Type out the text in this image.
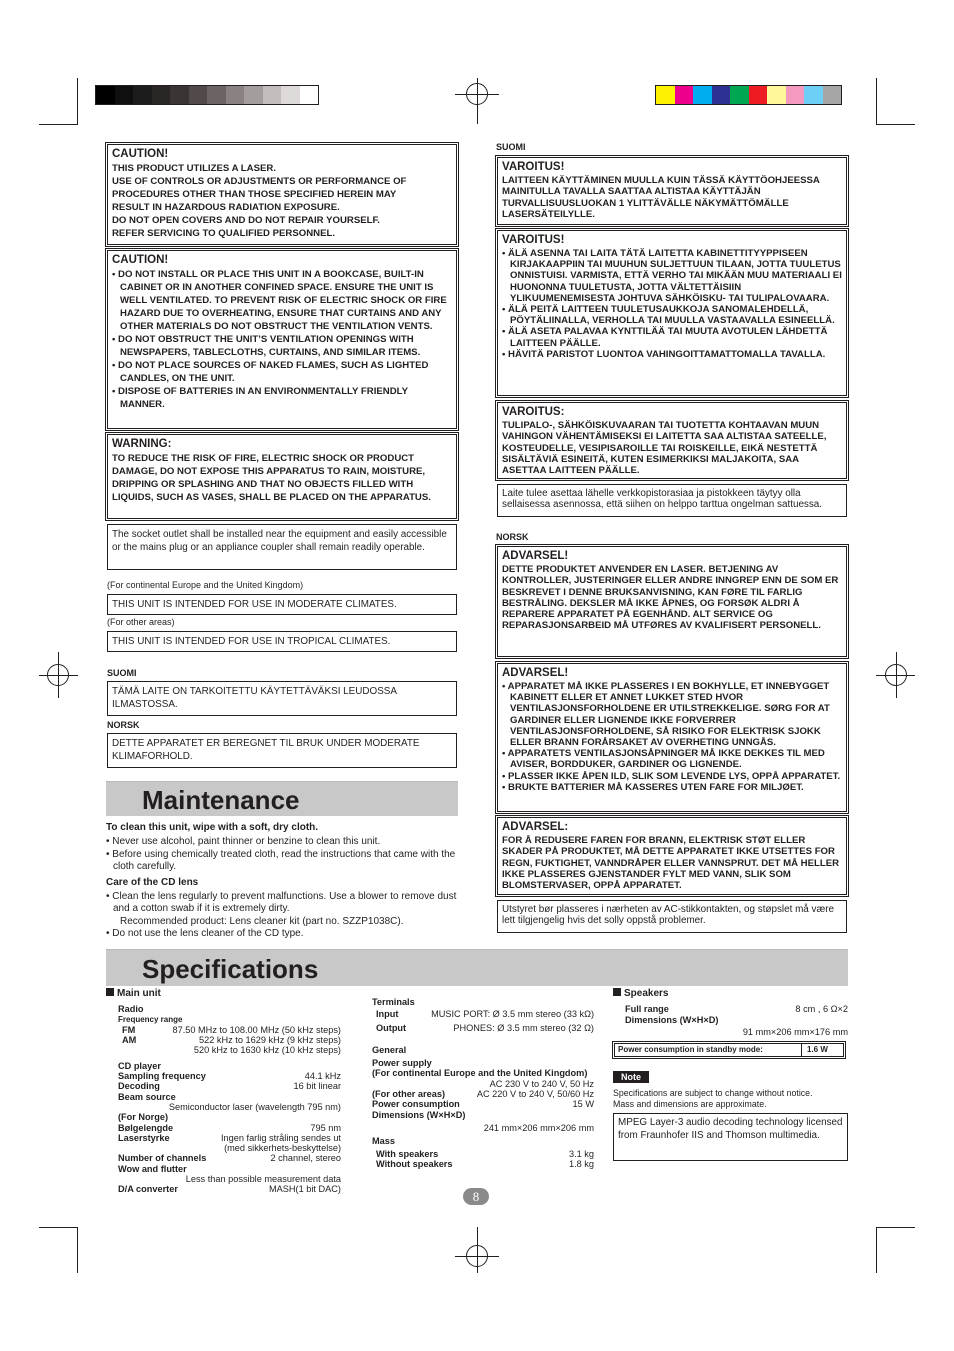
CAUTION!
THIS PRODUCT UTILIZES A LASER.
USE OF CONTROLS OR ADJUSTMENTS OR PERFORMANCE OF
PROCEDURES OTHER THAN THOSE SPECIFIED HEREIN MAY
RESULT IN HAZARDOUS RADIATION EXPOSURE.
DO NOT OPEN COVERS AND DO NOT REPAIR YOURSELF.
REFER SERVICING TO QUALIFIED PERSONNEL.
CAUTION!
• DO NOT INSTALL OR PLACE THIS UNIT IN A BOOKCASE, BUILT-IN CABINET OR IN ANOTHER CONFINED SPACE. ENSURE THE UNIT IS WELL VENTILATED. TO PREVENT RISK OF ELECTRIC SHOCK OR FIRE HAZARD DUE TO OVERHEATING, ENSURE THAT CURTAINS AND ANY OTHER MATERIALS DO NOT OBSTRUCT THE VENTILATION VENTS.
• DO NOT OBSTRUCT THE UNIT’S VENTILATION OPENINGS WITH NEWSPAPERS, TABLECLOTHS, CURTAINS, AND SIMILAR ITEMS.
• DO NOT PLACE SOURCES OF NAKED FLAMES, SUCH AS LIGHTED CANDLES, ON THE UNIT.
• DISPOSE OF BATTERIES IN AN ENVIRONMENTALLY FRIENDLY MANNER.
WARNING:

TO REDUCE THE RISK OF FIRE, ELECTRIC SHOCK OR PRODUCT DAMAGE, DO NOT EXPOSE THIS APPARATUS TO RAIN, MOISTURE, DRIPPING OR SPLASHING AND THAT NO OBJECTS FILLED WITH LIQUIDS, SUCH AS VASES, SHALL BE PLACED ON THE APPARATUS.

The socket outlet shall be installed near the equipment and easily accessible or the mains plug or an appliance coupler shall remain readily operable.

(For continental Europe and the United Kingdom)

THIS UNIT IS INTENDED FOR USE IN MODERATE CLIMATES.

(For other areas)

THIS UNIT IS INTENDED FOR USE IN TROPICAL CLIMATES.

SUOMI

TÄMÄ LAITE ON TARKOITETTU KÄYTETTÄVÄKSI LEUDOSSA ILMASTOSSA.

NORSK

DETTE APPARATET ER BEREGNET TIL BRUK UNDER MODERATE KLIMAFORHOLD.

Maintenance

To clean this unit, wipe with a soft, dry cloth.

• Never use alcohol, paint thinner or benzine to clean this unit.
• Before using chemically treated cloth, read the instructions that came with the cloth carefully.

Care of the CD lens

• Clean the lens regularly to prevent malfunctions. Use a blower to remove dust and a cotton swab if it is extremely dirty.
Recommended product: Lens cleaner kit (part no. SZZP1038C).
• Do not use the lens cleaner of the CD type.
SUOMI
VAROITUS!

LAITTEEN KÄYTTÄMINEN MUULLA KUIN TÄSSÄ KÄYTTÖOHJEESSA MAINITULLA TAVALLA SAATTAA ALTISTAA KÄYTTÄJÄN TURVALLISUUSLUOKAN 1 YLITTÄVÄLLE NÄKYMÄTTÖMÄLLE LASERSÄTEILYLLE.

VAROITUS!
• ÄLÄ ASENNA TAI LAITA TÄTÄ LAITETTA KABINETTITYYPPISEEN KIRJAKAAPPIIN TAI MUUHUN SULJETTUUN TILAAN, JOTTA TUULETUS ONNISTUISI. VARMISTA, ETTÄ VERHO TAI MIKÄÄN MUU MATERIAALI EI HUONONNA TUULETUSTA, JOTTA VÄLTETTÄISIIN YLIKUUMENEMISESTA JOHTUVA SÄHKÖISKU- TAI TULIPALOVAARA.
• ÄLÄ PEITÄ LAITTEEN TUULETUSAUKKOJA SANOMALEHDELLÄ, PÖYTÄLIINALLA, VERHOLLA TAI MUULLA VASTAAVALLA ESINEELLÄ.
• ÄLÄ ASETA PALAVAA KYNTTILÄÄ TAI MUUTA AVOTULEN LÄHDETTÄ LAITTEEN PÄÄLLE.
• HÄVITÄ PARISTOT LUONTOA VAHINGOITTAMATTOMALLA TAVALLA.
VAROITUS:

TULIPALO-, SÄHKÖISKUVAARAN TAI TUOTETTA KOHTAAVAN MUUN VAHINGON VÄHENTÄMISEKSI EI LAITETTA SAA ALTISTAA SATEELLE, KOSTEUDELLE, VESIPISAROILLE TAI ROISKEILLE, EIKÄ NESTETTÄ SISÄLTÄVIÄ ESINEITÄ, KUTEN ESIMERKIKSI MALJAKOITA, SAA ASETTAA LAITTEEN PÄÄLLE.

Laite tulee asettaa lähelle verkkopistorasiaa ja pistokkeen täytyy olla sellaisessa asennossa, että siihen on helppo tarttua ongelman sattuessa.

NORSK
ADVARSEL!

DETTE PRODUKTET ANVENDER EN LASER. BETJENING AV KONTROLLER, JUSTERINGER ELLER ANDRE INNGREP ENN DE SOM ER BESKREVET I DENNE BRUKSANVISNING, KAN FØRE TIL FARLIG BESTRÅLING. DEKSLER MÅ IKKE ÅPNES, OG FORSØK ALDRI Å REPARERE APPARATET PÅ EGENHÅND. ALT SERVICE OG REPARASJONSARBEID MÅ UTFØRES AV KVALIFISERT PERSONELL.

ADVARSEL!
• APPARATET MÅ IKKE PLASSERES I EN BOKHYLLE, ET INNEBYGGET KABINETT ELLER ET ANNET LUKKET STED HVOR VENTILASJONSFORHOLDENE ER UTILSTREKKELIGE. SØRG FOR AT GARDINER ELLER LIGNENDE IKKE FORVERRER VENTILASJONSFORHOLDENE, SÅ RISIKO FOR ELEKTRISK SJOKK ELLER BRANN FORÅRSAKET AV OVERHETING UNNGÅS.
• APPARATETS VENTILASJONSÅPNINGER MÅ IKKE DEKKES TIL MED AVISER, BORDDUKER, GARDINER OG LIGNENDE.
• PLASSER IKKE ÅPEN ILD, SLIK SOM LEVENDE LYS, OPPÅ APPARATET.
• BRUKTE BATTERIER MÅ KASSERES UTEN FARE FOR MILJØET.
ADVARSEL:

FOR Å REDUSERE FAREN FOR BRANN, ELEKTRISK STØT ELLER SKADER PÅ PRODUKTET, MÅ DETTE APPARATET IKKE UTSETTES FOR REGN, FUKTIGHET, VANNDRÅPER ELLER VANNSPRUT. DET MÅ HELLER IKKE PLASSERES GJENSTANDER FYLT MED VANN, SLIK SOM BLOMSTERVASER, OPPÅ APPARATET.

Utstyret bør plasseres i nærheten av AC-stikkontakten, og støpslet må være lett tilgjengelig hvis det solly oppstå problemer.

Specifications
Main unit
Radio
Frequency range
FM	87.50 MHz to 108.00 MHz (50 kHz steps)
AM	522 kHz to 1629 kHz (9 kHz steps)
520 kHz to 1630 kHz (10 kHz steps)
CD player
Sampling frequency	44.1 kHz
Decoding	16 bit linear
Beam source
Semiconductor laser (wavelength 795 nm)
(For Norge)
Bølgelengde	795 nm
Laserstyrke	Ingen farlig stråling sendes ut
(med sikkerhets-beskyttelse)
Number of channels	2 channel, stereo
Wow and flutter
Less than possible measurement data
D/A converter	MASH(1 bit DAC)
Terminals
Input	MUSIC PORT: Ø 3.5 mm stereo (33 kΩ)
Output	PHONES: Ø 3.5 mm stereo (32 Ω)
General
Power supply
(For continental Europe and the United Kingdom)
AC 230 V to 240 V, 50 Hz
(For other areas)	AC 220 V to 240 V, 50/60 Hz
Power consumption	15 W
Dimensions (W×H×D)
241 mm×206 mm×206 mm
Mass
With speakers	3.1 kg
Without speakers	1.8 kg
Speakers
Full range	8 cm , 6 Ω×2
Dimensions (W×H×D)
91 mm×206 mm×176 mm
Power consumption in standby mode:	1.6 W
Note
Specifications are subject to change without notice.
Mass and dimensions are approximate.

MPEG Layer-3 audio decoding technology licensed from Fraunhofer IIS and Thomson multimedia.

8
